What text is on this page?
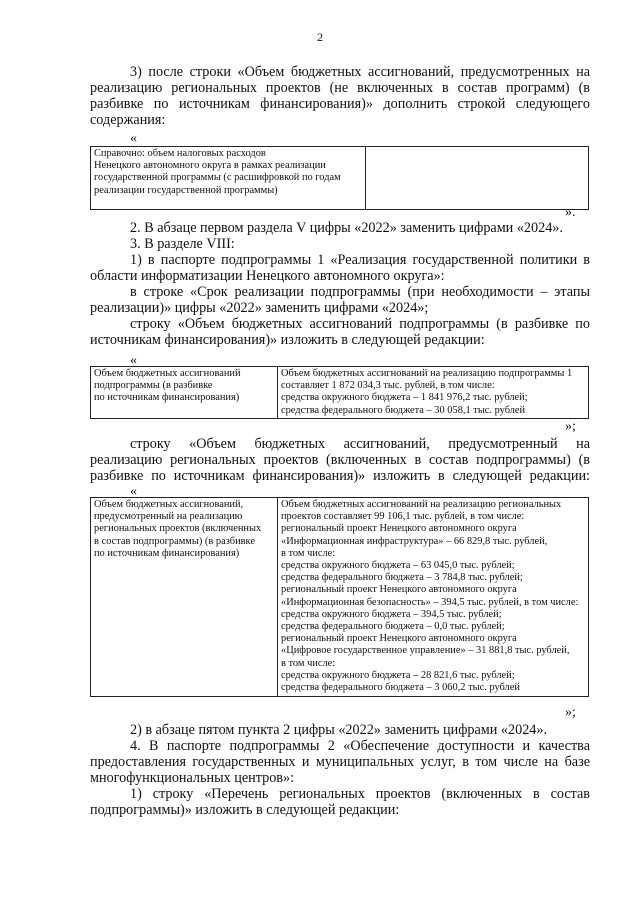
2

3) после строки «Объем бюджетных ассигнований, предусмотренных на реализацию региональных проектов (не включенных в состав программ) (в разбивке по источникам финансирования)» дополнить строкой следующего содержания:

«
Справочно: объем налоговых расходов
Ненецкого автономного округа в рамках реализации
государственной программы (с расшифровкой по годам
реализации государственной программы)

».

2. В абзаце первом раздела V цифры «2022» заменить цифрами «2024».

3. В разделе VIII:

1) в паспорте подпрограммы 1 «Реализация государственной политики в области информатизации Ненецкого автономного округа»:

в строке «Срок реализации подпрограммы (при необходимости – этапы реализации)» цифры «2022» заменить цифрами «2024»;

строку «Объем бюджетных ассигнований подпрограммы (в разбивке по источникам финансирования)» изложить в следующей редакции:

«
Объем бюджетных ассигнований
подпрограммы (в разбивке
по источникам финансирования)

Объем бюджетных ассигнований на реализацию подпрограммы 1
составляет 1 872 034,3 тыс. рублей, в том числе:
средства окружного бюджета – 1 841 976,2 тыс. рублей;
средства федерального бюджета – 30 058,1 тыс. рублей
»;

строку «Объем бюджетных ассигнований, предусмотренный на реализацию региональных проектов (включенных в состав подпрограммы) (в разбивке по источникам финансирования)» изложить в следующей редакции:

«
Объем бюджетных ассигнований,
предусмотренный на реализацию
региональных проектов (включенных
в состав подпрограммы) (в разбивке
по источникам финансирования)

Объем бюджетных ассигнований на реализацию региональных
проектов составляет 99 106,1 тыс. рублей, в том числе:
региональный проект Ненецкого автономного округа
«Информационная инфраструктура» – 66 829,8 тыс. рублей,
в том числе:
средства окружного бюджета – 63 045,0 тыс. рублей;
средства федерального бюджета – 3 784,8 тыс. рублей;
региональный проект Ненецкого автономного округа
«Информационная безопасность» – 394,5 тыс. рублей, в том числе:
средства окружного бюджета – 394,5 тыс. рублей;
средства федерального бюджета – 0,0 тыс. рублей;
региональный проект Ненецкого автономного округа
«Цифровое государственное управление» – 31 881,8 тыс. рублей,
в том числе:
средства окружного бюджета – 28 821,6 тыс. рублей;
средства федерального бюджета – 3 060,2 тыс. рублей
»;

2) в абзаце пятом пункта 2 цифры «2022» заменить цифрами «2024».

4. В паспорте подпрограммы 2 «Обеспечение доступности и качества предоставления государственных и муниципальных услуг, в том числе на базе многофункциональных центров»:

1) строку «Перечень региональных проектов (включенных в состав подпрограммы)» изложить в следующей редакции:
